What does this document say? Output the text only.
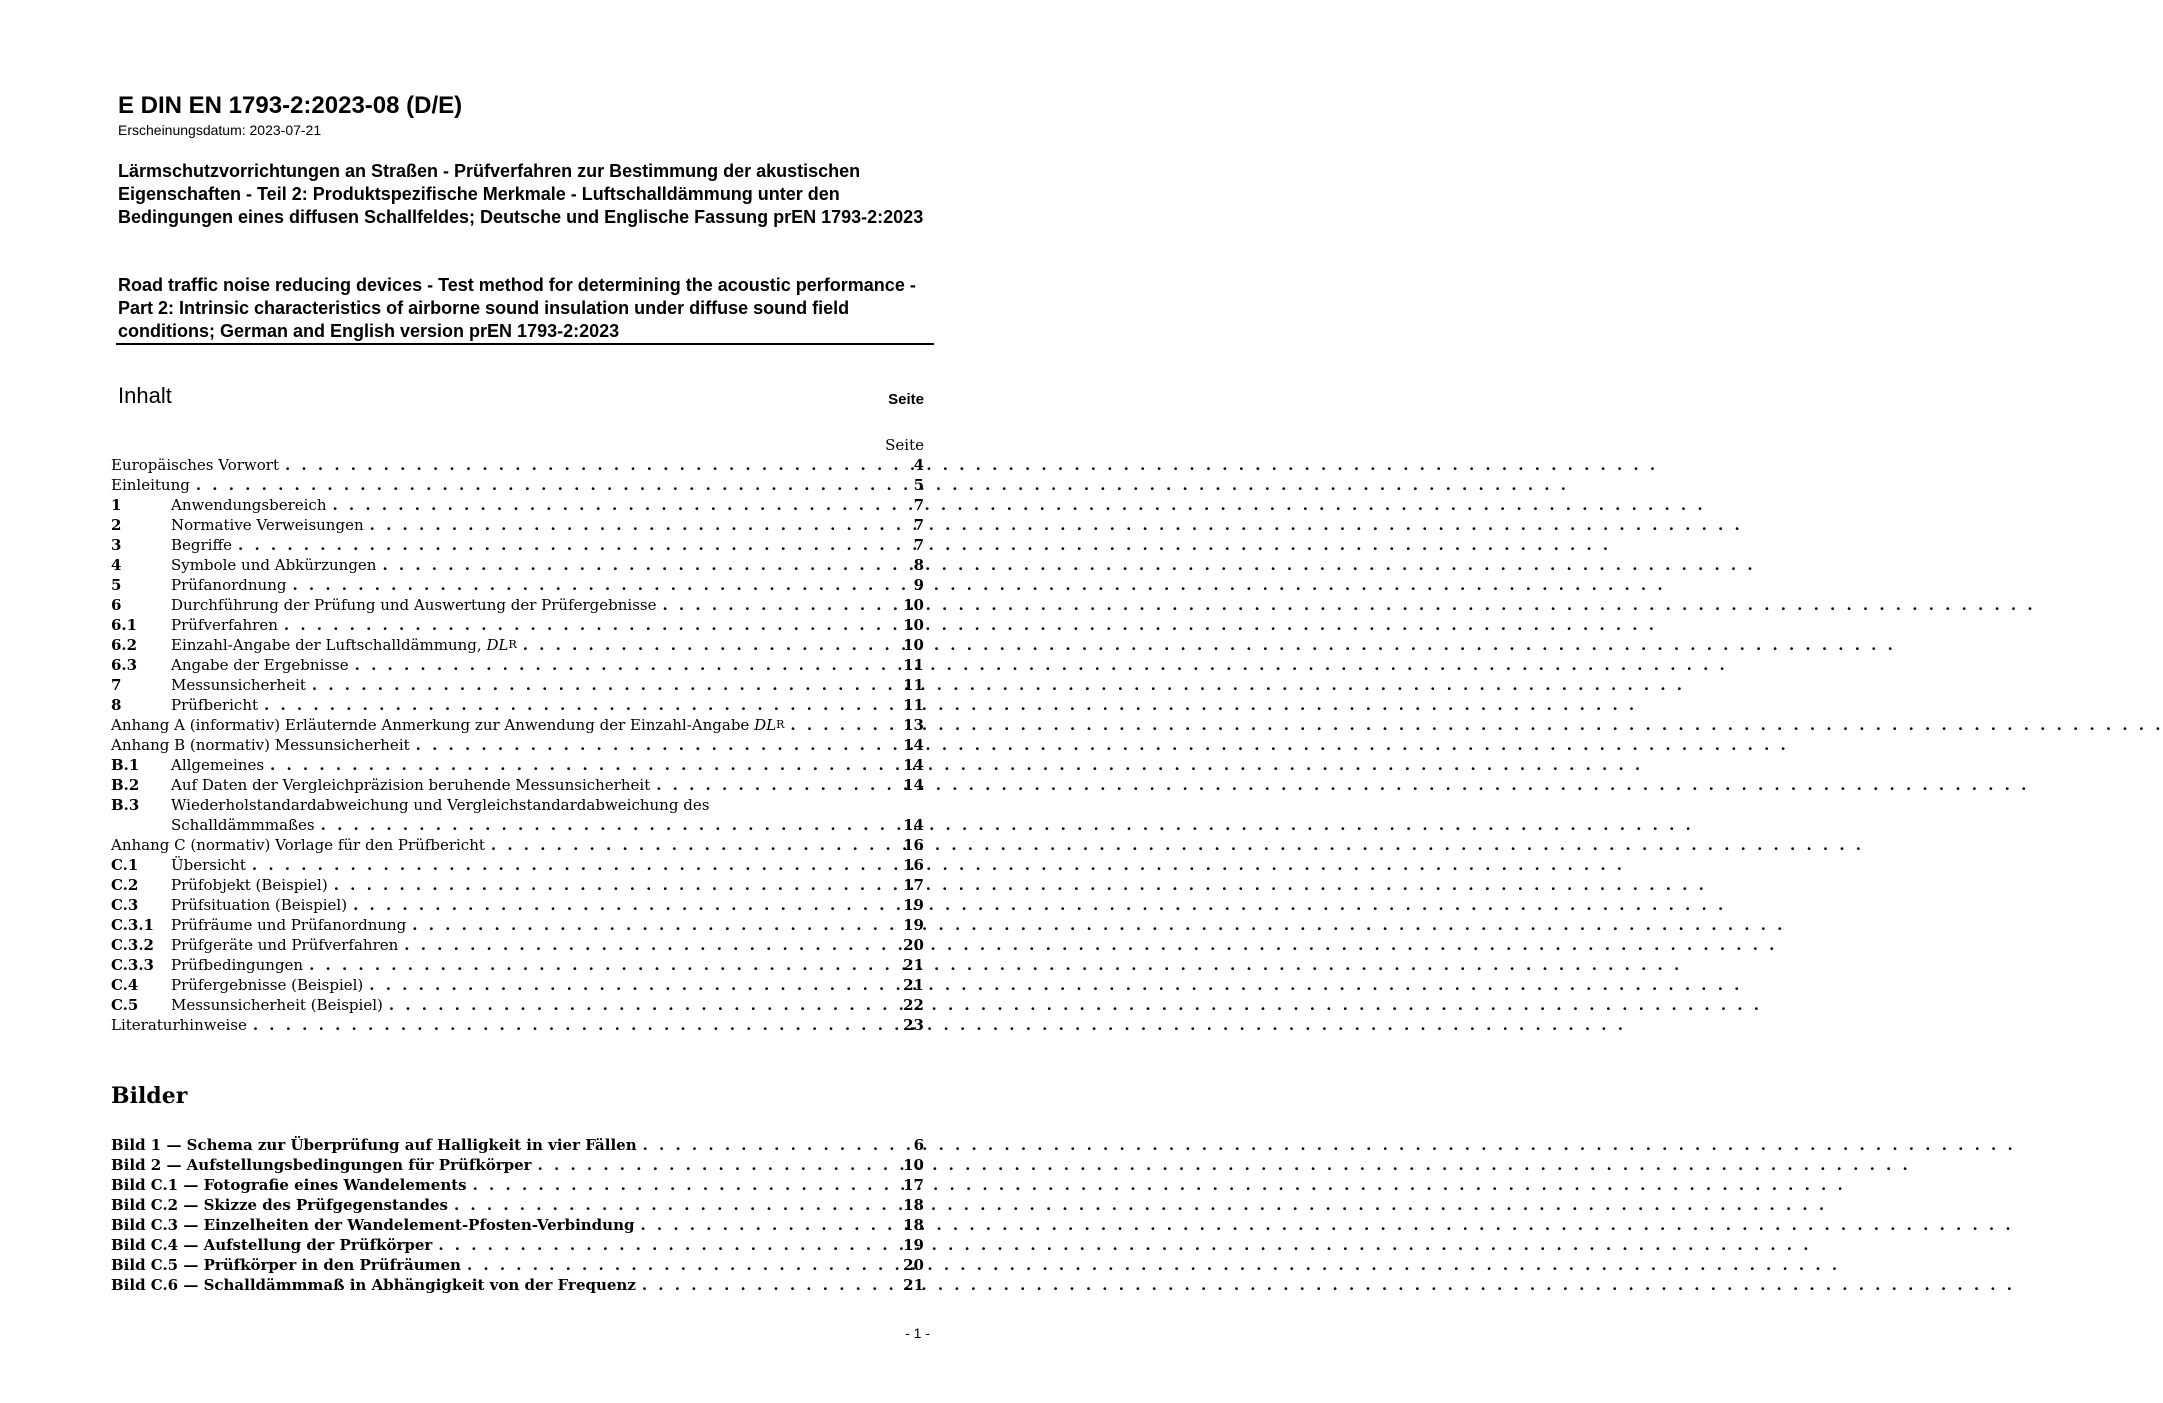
E DIN EN 1793-2:2023-08 (D/E)
Erscheinungsdatum: 2023-07-21
Lärmschutzvorrichtungen an Straßen - Prüfverfahren zur Bestimmung der akustischen Eigenschaften - Teil 2: Produktspezifische Merkmale - Luftschalldämmung unter den Bedingungen eines diffusen Schallfeldes; Deutsche und Englische Fassung prEN 1793-2:2023
Road traffic noise reducing devices - Test method for determining the acoustic performance - Part 2: Intrinsic characteristics of airborne sound insulation under diffuse sound field conditions; German and English version prEN 1793-2:2023
Inhalt	Seite
Seite
Europäisches Vorwort . . .	4
Einleitung . . .	5
1	Anwendungsbereich . . .	7
2	Normative Verweisungen . . .	7
3	Begriffe . . .	7
4	Symbole und Abkürzungen . . .	8
5	Prüfanordnung . . .	9
6	Durchführung der Prüfung und Auswertung der Prüfergebnisse . . .	10
6.1	Prüfverfahren . . .	10
6.2	Einzahl-Angabe der Luftschalldämmung, DL R . . .	10
6.3	Angabe der Ergebnisse . . .	11
7	Messunsicherheit . . .	11
8	Prüfbericht . . .	11
Anhang A (informativ) Erläuternde Anmerkung zur Anwendung der Einzahl-Angabe DL R . . .	13
Anhang B (normativ) Messunsicherheit . . .	14
B.1	Allgemeines . . .	14
B.2	Auf Daten der Vergleichpräzision beruhende Messunsicherheit . . .	14
B.3	Wiederholstandardabweichung und Vergleichstandardabweichung des
Schalldämmmaßes . . .	14
Anhang C (normativ) Vorlage für den Prüfbericht . . .	16
C.1	Übersicht . . .	16
C.2	Prüfobjekt (Beispiel) . . .	17
C.3	Prüfsituation (Beispiel) . . .	19
C.3.1	Prüfräume und Prüfanordnung . . .	19
C.3.2	Prüfgeräte und Prüfverfahren . . .	20
C.3.3	Prüfbedingungen . . .	21
C.4	Prüfergebnisse (Beispiel) . . .	21
C.5	Messunsicherheit (Beispiel) . . .	22
Literaturhinweise . . .	23
Bilder
Bild 1 — Schema zur Überprüfung auf Halligkeit in vier Fällen . . .	6
Bild 2 — Aufstellungsbedingungen für Prüfkörper . . .	10
Bild C.1 — Fotografie eines Wandelements . . .	17
Bild C.2 — Skizze des Prüfgegenstandes . . .	18
Bild C.3 — Einzelheiten der Wandelement-Pfosten-Verbindung . . .	18
Bild C.4 — Aufstellung der Prüfkörper . . .	19
Bild C.5 — Prüfkörper in den Prüfräumen . . .	20
Bild C.6 — Schalldämmmaß in Abhängigkeit von der Frequenz . . .	21
- 1 -
